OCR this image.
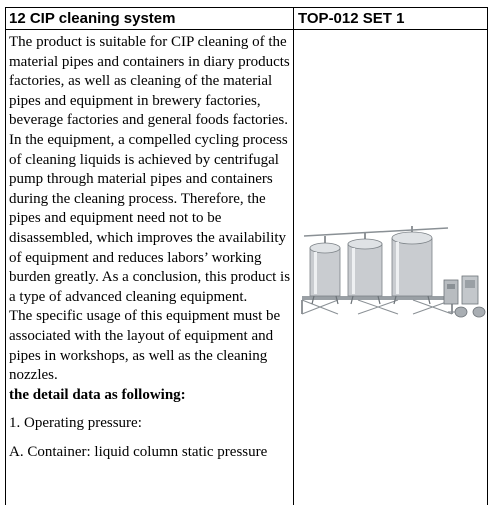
12 CIP cleaning system	TOP-012 SET 1

The product is suitable for CIP cleaning of the material pipes and containers in diary products factories, as well as cleaning of the material pipes and equipment in brewery factories, beverage factories and general foods factories.

In the equipment, a compelled cycling process of cleaning liquids is achieved by centrifugal pump through material pipes and containers during the cleaning process. Therefore, the pipes and equipment need not to be disassembled, which improves the availability of equipment and reduces labors’ working burden greatly. As a conclusion, this product is a type of advanced cleaning equipment.

The specific usage of this equipment must be associated with the layout of equipment and pipes in workshops, as well as the cleaning nozzles.

the detail data as following:

1. Operating pressure:

A. Container: liquid column static pressure
